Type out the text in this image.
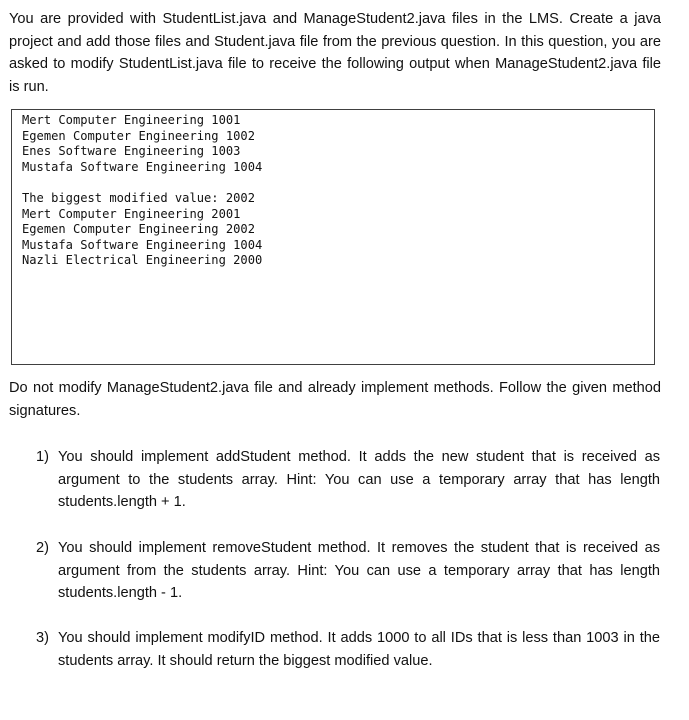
You are provided with StudentList.java and ManageStudent2.java files in the LMS. Create a java project and add those files and Student.java file from the previous question. In this question, you are asked to modify StudentList.java file to receive the following output when ManageStudent2.java file is run.

Mert Computer Engineering 1001
Egemen Computer Engineering 1002
Enes Software Engineering 1003
Mustafa Software Engineering 1004
The biggest modified value: 2002
Mert Computer Engineering 2001
Egemen Computer Engineering 2002
Mustafa Software Engineering 1004
Nazli Electrical Engineering 2000

Do not modify ManageStudent2.java file and already implement methods. Follow the given method signatures.

1) You should implement addStudent method. It adds the new student that is received as argument to the students array. Hint: You can use a temporary array that has length students.length + 1.
2) You should implement removeStudent method. It removes the student that is received as argument from the students array. Hint: You can use a temporary array that has length students.length - 1.
3) You should implement modifyID method. It adds 1000 to all IDs that is less than 1003 in the students array. It should return the biggest modified value.
